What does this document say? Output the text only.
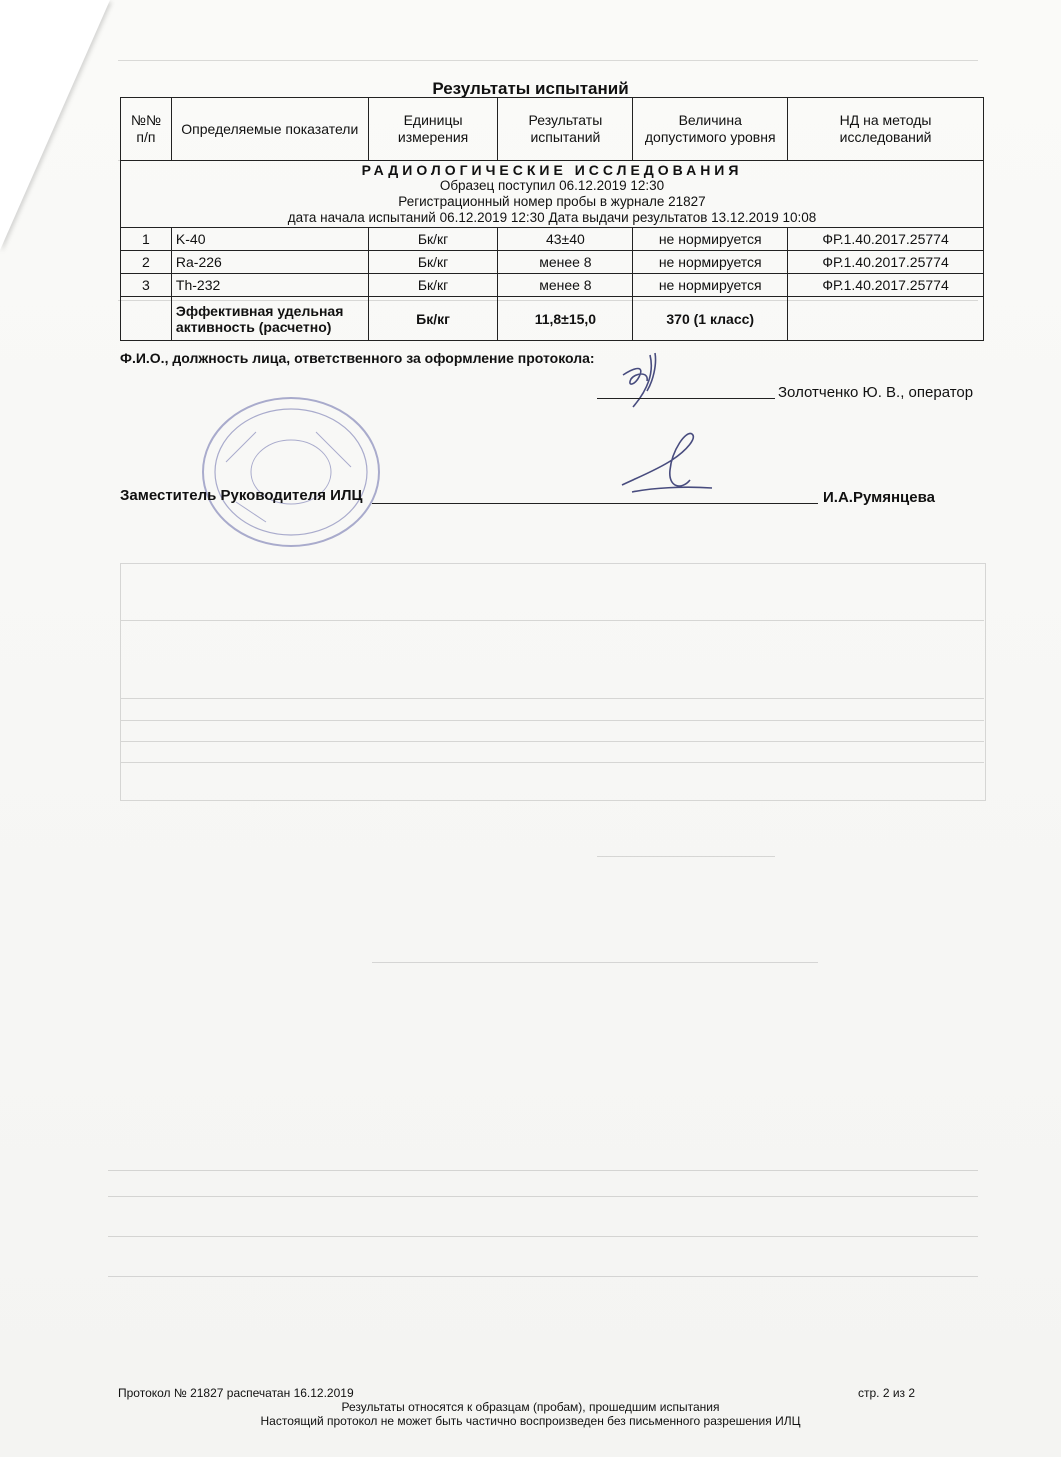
Результаты испытаний
№№ п/п	Определяемые показатели	Единицы измерения	Результаты испытаний	Величина допустимого уровня	НД на методы исследований

РАДИОЛОГИЧЕСКИЕ ИССЛЕДОВАНИЯ
Образец поступил 06.12.2019 12:30
Регистрационный номер пробы в журнале 21827
дата начала испытаний 06.12.2019 12:30 Дата выдачи результатов 13.12.2019 10:08					

1	K-40	Бк/кг	43±40	не нормируется	ФР.1.40.2017.25774
2	Ra-226	Бк/кг	менее 8	не нормируется	ФР.1.40.2017.25774
3	Th-232	Бк/кг	менее 8	не нормируется	ФР.1.40.2017.25774
	Эффективная удельная активность (расчетно)	Бк/кг	11,8±15,0	370 (1 класс)	
Ф.И.О., должность лица, ответственного за оформление протокола:
Золотченко Ю. В., оператор
Заместитель Руководителя ИЛЦ	И.А.Румянцева
Протокол № 21827 распечатан 16.12.2019	стр. 2 из 2
Результаты относятся к образцам (пробам), прошедшим испытания
Настоящий протокол не может быть частично воспроизведен без письменного разрешения ИЛЦ
